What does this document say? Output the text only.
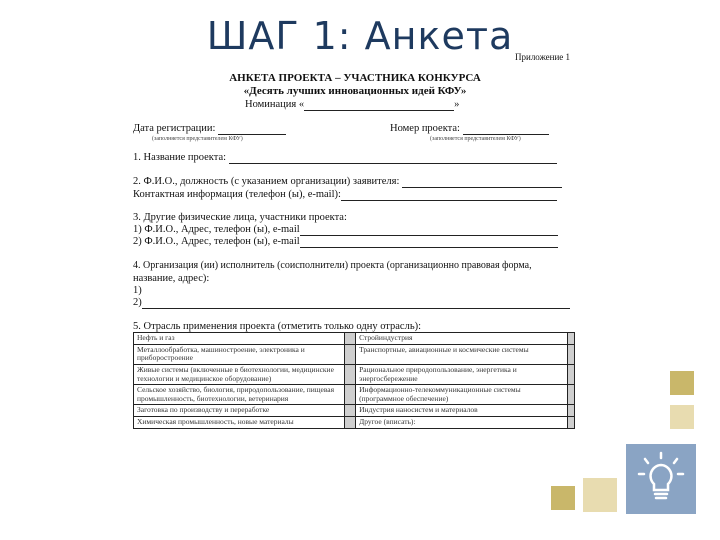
ШАГ 1: Анкета Приложение 1
АНКЕТА ПРОЕКТА – УЧАСТНИКА КОНКУРСА
«Десять лучших инновационных идей КФУ»
Номинация «	»
Дата регистрации:
(заполняется представителем КФУ)
Номер проекта:
(заполняется представителем КФУ)
1. Название проекта:
2. Ф.И.О., должность (с указанием организации) заявителя:
Контактная информация (телефон (ы), e-mail):
3. Другие физические лица, участники проекта:
1) Ф.И.О., Адрес, телефон (ы), e-mail
2) Ф.И.О., Адрес, телефон (ы), e-mail
4. Организация (ии) исполнитель (соисполнители) проекта (организационно правовая форма,
название, адрес):
1)
2)
5. Отрасль применения проекта (отметить только одну отрасль):
Нефть и газ		Стройиндустрия	
Металлообработка, машиностроение, электроника и приборостроение		Транспортные, авиационные и космические системы	
Живые системы (включенные в биотехнологии, медицинские технологии и медицинское оборудование)		Рациональное природопользование, энергетика и энергосбережение	
Сельское хозяйство, биология, природопользование, пищевая промышленность, биотехнологии, ветеринария		Информационно-телекоммуникационные системы (программное обеспечение)	
Заготовка по производству и переработке		Индустрия наносистем и материалов	
Химическая промышленность, новые материалы		Другое (вписать):	
